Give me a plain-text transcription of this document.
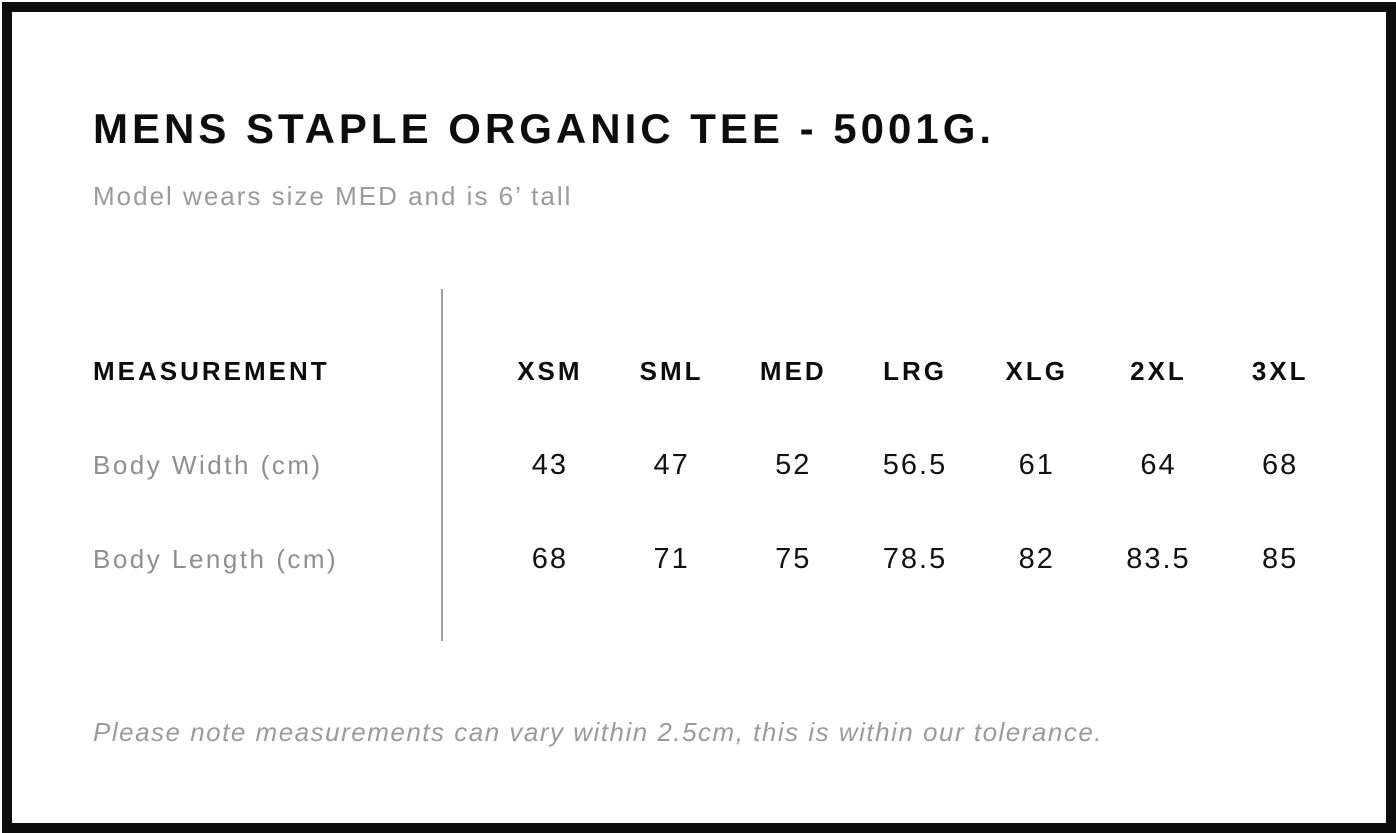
MENS STAPLE ORGANIC TEE - 5001G.

Model wears size MED and is 6’ tall

MEASUREMENT	XSM	SML	MED	LRG	XLG	2XL	3XL
Body Width (cm)	43	47	52	56.5	61	64	68
Body Length (cm)	68	71	75	78.5	82	83.5	85

Please note measurements can vary within 2.5cm, this is within our tolerance.
